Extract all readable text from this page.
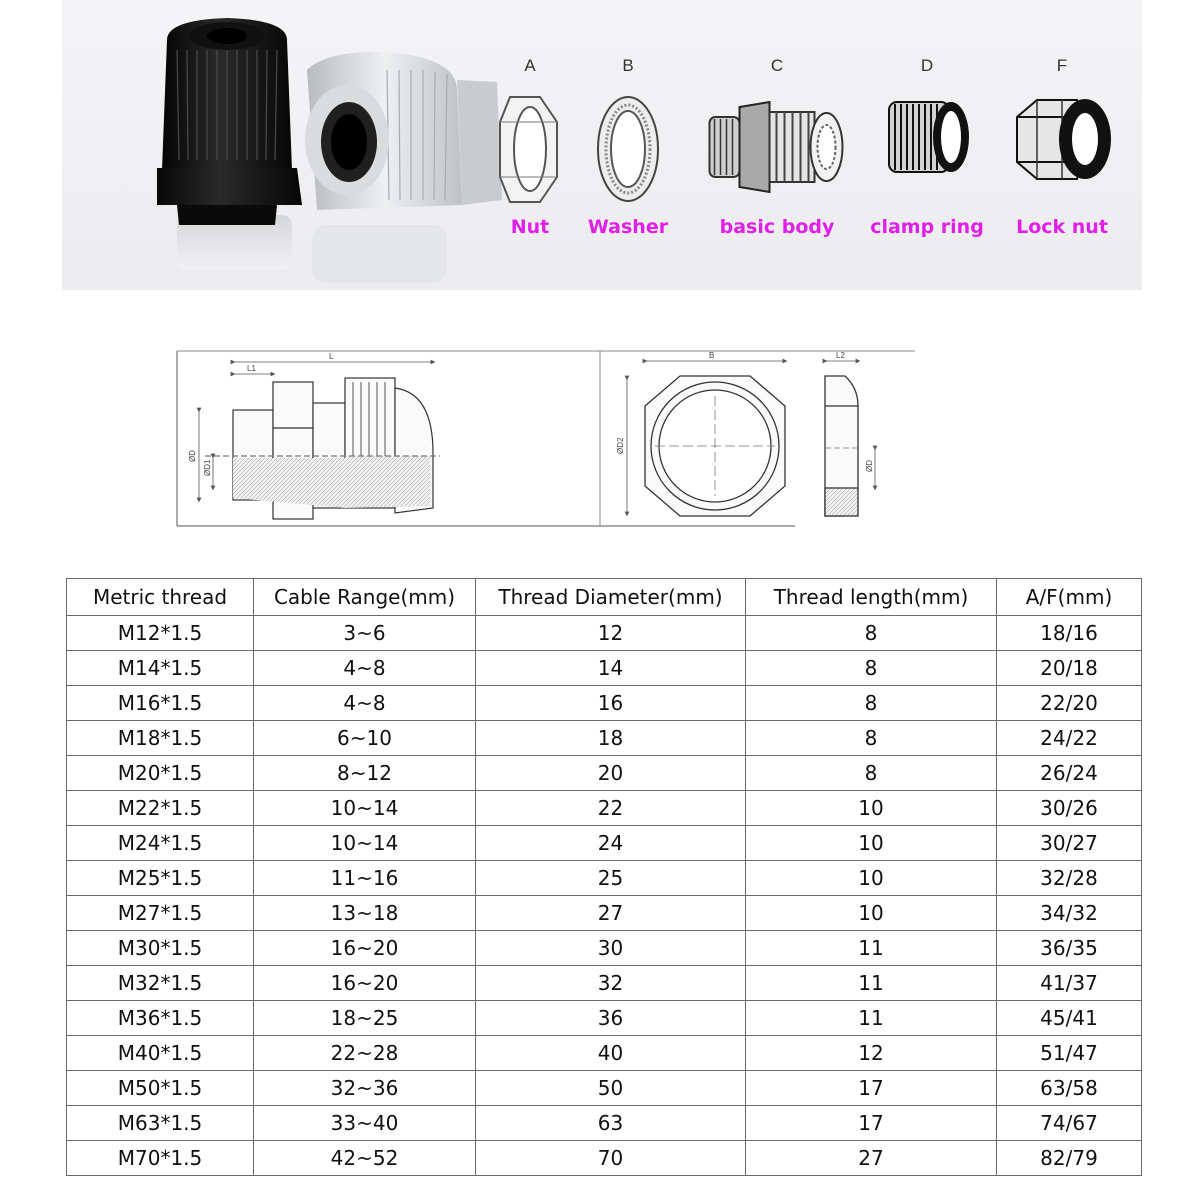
A
Nut
B
Washer
C
basic body
D
clamp ring
F
Lock nut
L
L1
ØD
ØD1
B
ØD2
L2
ØD
Metric thread	Cable Range(mm)	Thread Diameter(mm)	Thread length(mm)	A/F(mm)
M12*1.5	3~6	12	8	18/16
M14*1.5	4~8	14	8	20/18
M16*1.5	4~8	16	8	22/20
M18*1.5	6~10	18	8	24/22
M20*1.5	8~12	20	8	26/24
M22*1.5	10~14	22	10	30/26
M24*1.5	10~14	24	10	30/27
M25*1.5	11~16	25	10	32/28
M27*1.5	13~18	27	10	34/32
M30*1.5	16~20	30	11	36/35
M32*1.5	16~20	32	11	41/37
M36*1.5	18~25	36	11	45/41
M40*1.5	22~28	40	12	51/47
M50*1.5	32~36	50	17	63/58
M63*1.5	33~40	63	17	74/67
M70*1.5	42~52	70	27	82/79
